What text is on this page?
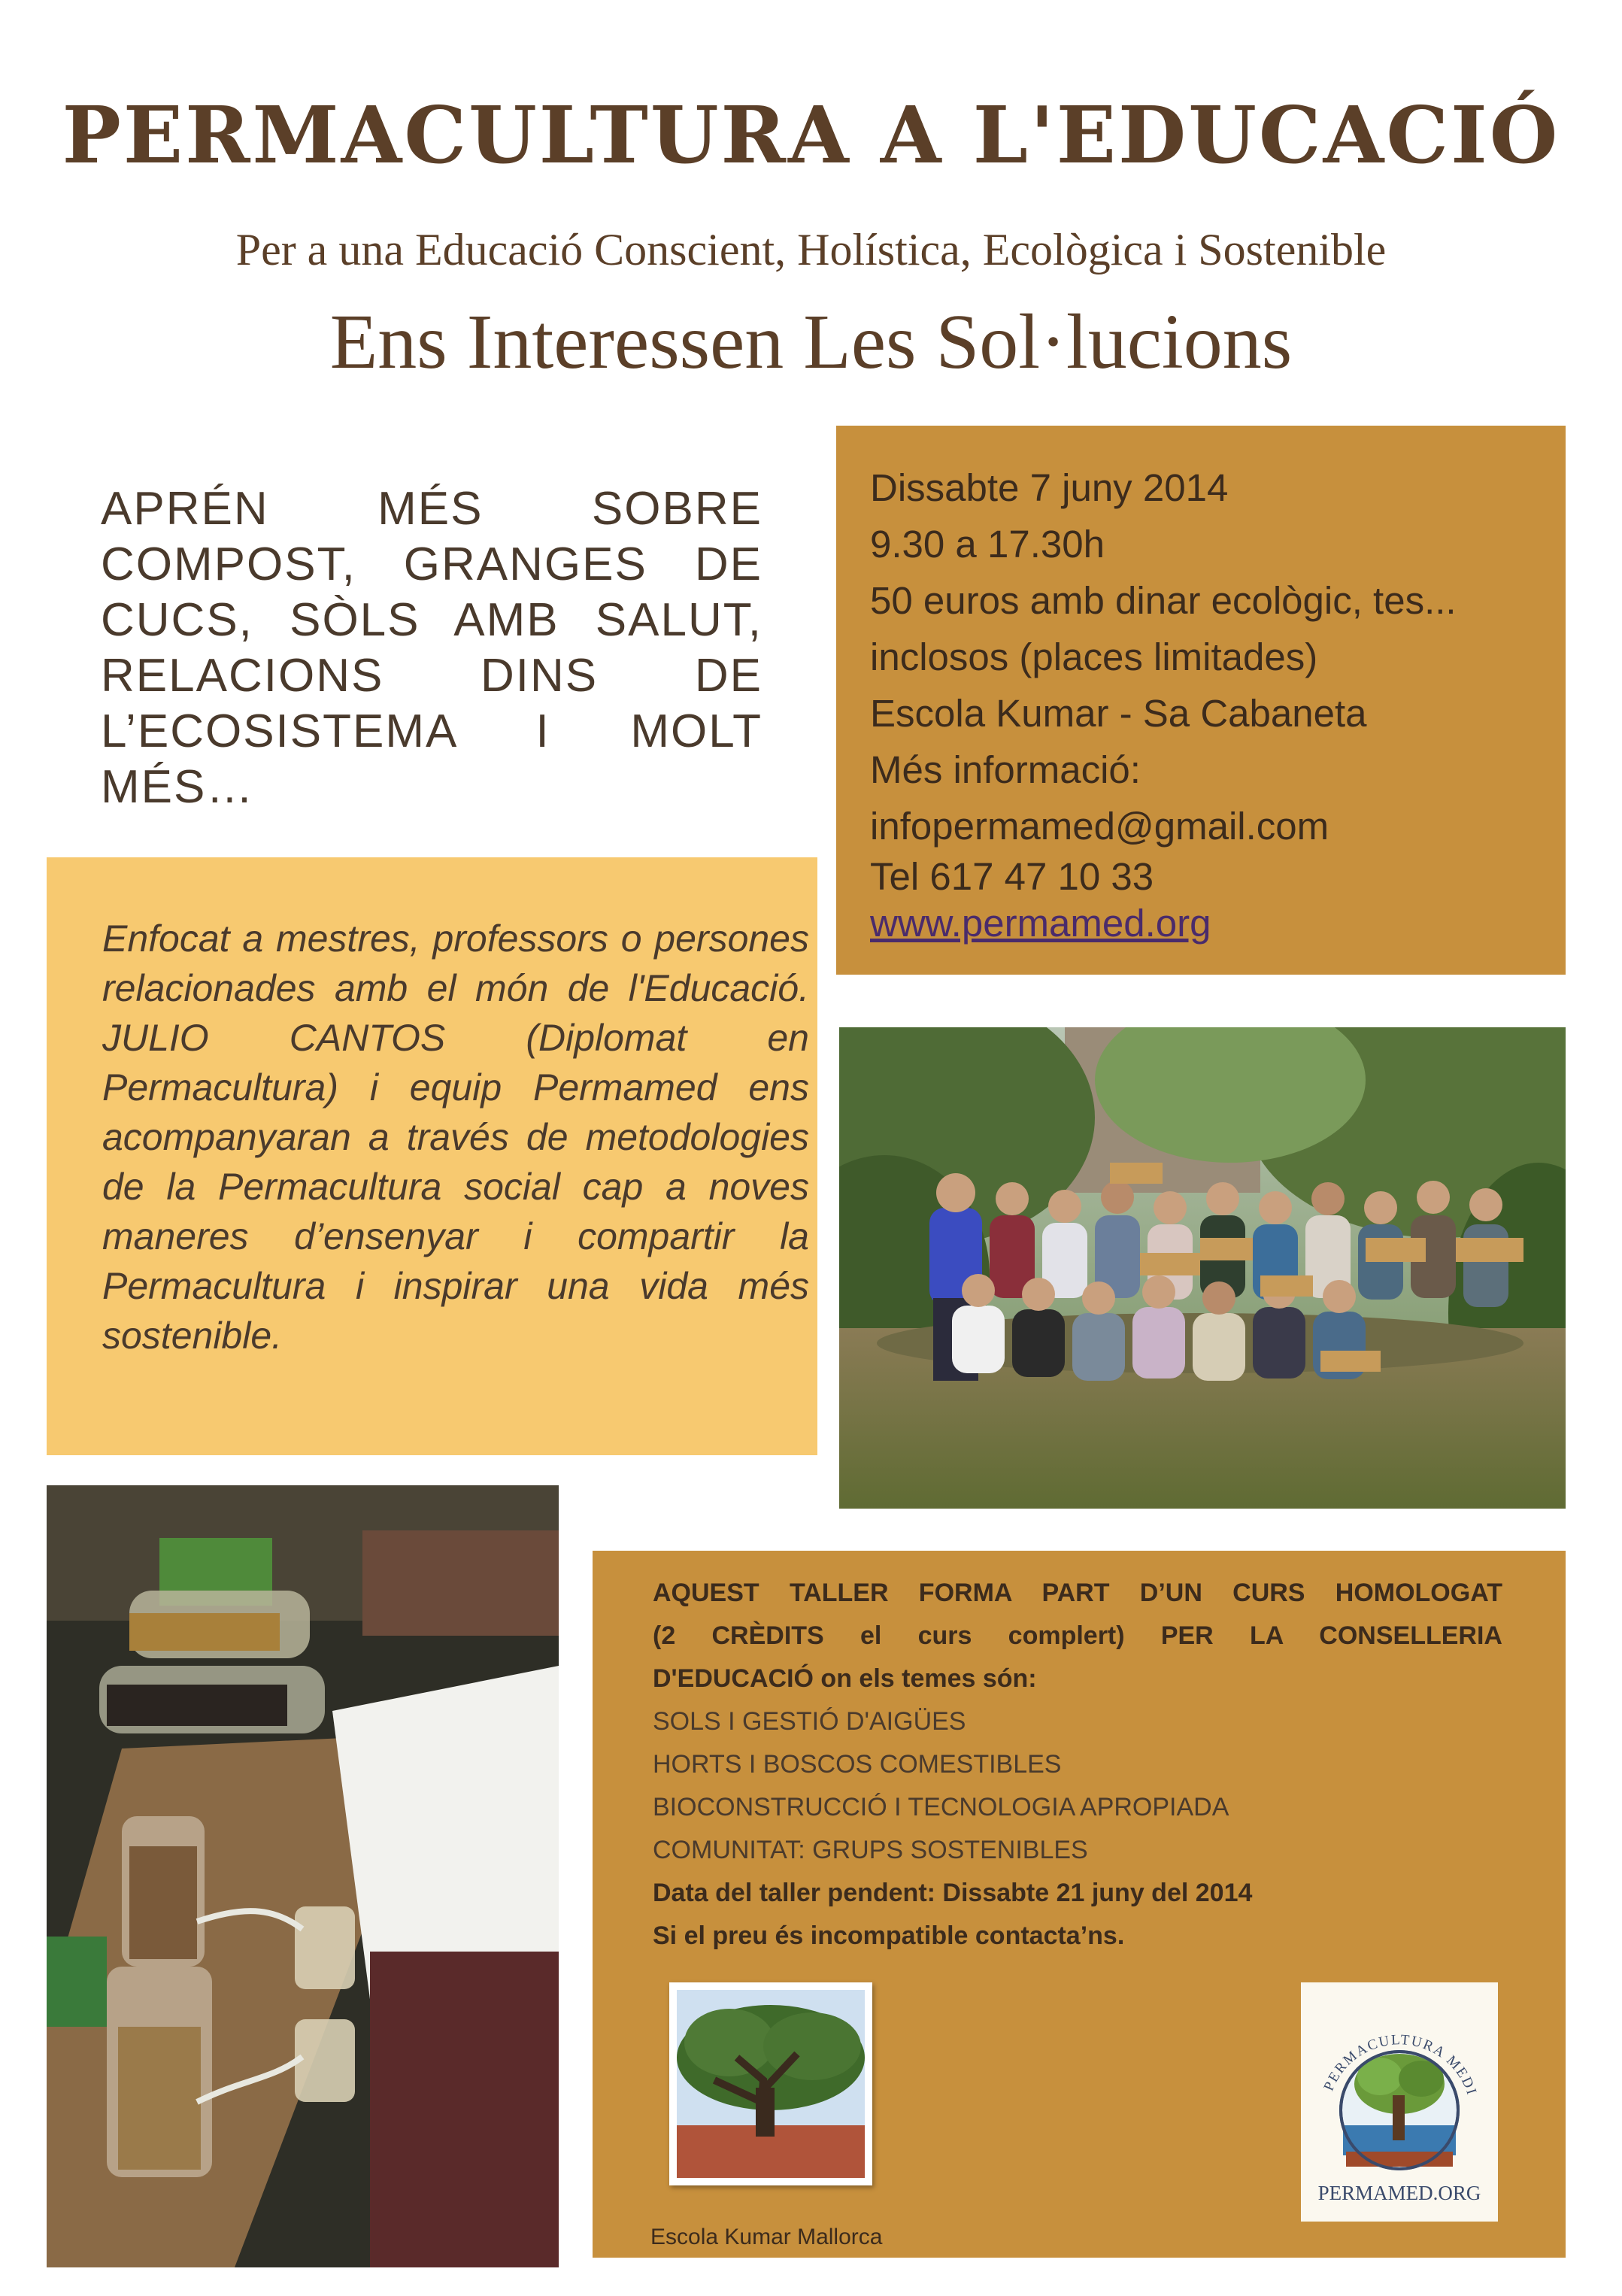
PERMACULTURA A L'EDUCACIÓ
Per a una Educació Conscient, Holística, Ecològica i Sostenible
Ens Interessen Les Sol·lucions
APRÉN MÉS SOBRE
COMPOST, GRANGES DE
CUCS, SÒLS AMB SALUT,
RELACIONS DINS DE
L’ECOSISTEMA I MOLT MÉS…
Dissabte 7 juny 2014
9.30 a 17.30h
50 euros amb dinar ecològic, tes...
inclosos (places limitades)
Escola Kumar - Sa Cabaneta
Més informació:
infopermamed@gmail.com
Tel 617 47 10 33
www.permamed.org
Enfocat a mestres, professors o persones relacionades amb el món de l'Educació. JULIO CANTOS (Diplomat en Permacultura) i equip Permamed ens acompanyaran a través de metodologies de la Permacultura social cap a noves maneres d’ensenyar i compartir la Permacultura i inspirar una vida més sostenible.
AQUEST TALLER FORMA PART D’UN CURS HOMOLOGAT
(2 CRÈDITS el curs complert) PER LA CONSELLERIA
D'EDUCACIÓ on els temes són:
SOLS I GESTIÓ D'AIGÜES
HORTS I BOSCOS COMESTIBLES
BIOCONSTRUCCIÓ I TECNOLOGIA APROPIADA
COMUNITAT: GRUPS SOSTENIBLES
Data del taller pendent: Dissabte 21 juny del 2014
Si el preu és incompatible contacta’ns.
Escola Kumar Mallorca
PERMACULTURA MEDI
PERMAMED.ORG
